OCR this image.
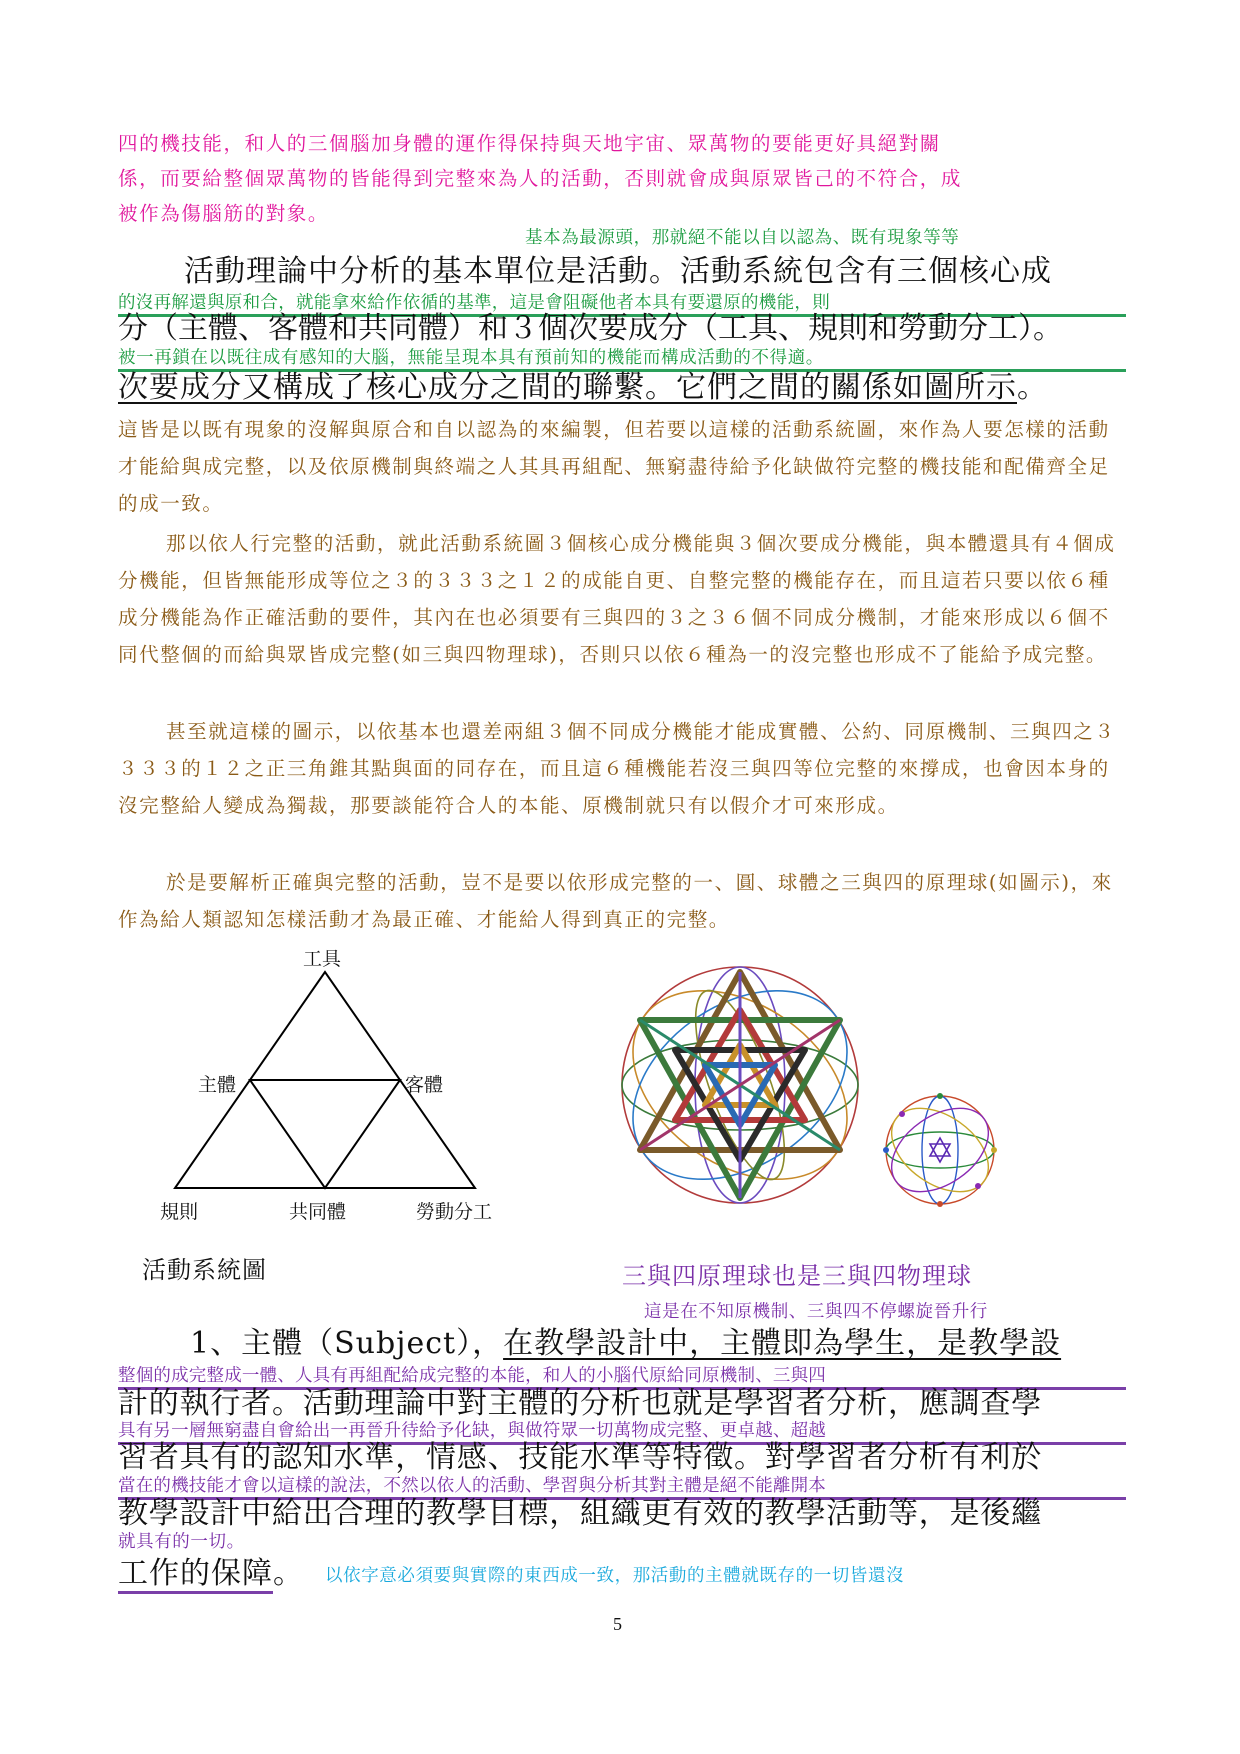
四的機技能，和人的三個腦加身體的運作得保持與天地宇宙、眾萬物的要能更好具絕對關
係，而要給整個眾萬物的皆能得到完整來為人的活動，否則就會成與原眾皆己的不符合，成
被作為傷腦筋的對象。
基本為最源頭，那就絕不能以自以認為、既有現象等等
活動理論中分析的基本單位是活動。活動系統包含有三個核心成
的沒再解還與原和合，就能拿來給作依循的基準，這是會阻礙他者本具有要還原的機能，則
分（主體、客體和共同體）和３個次要成分（工具、規則和勞動分工）。
被一再鎖在以既往成有感知的大腦，無能呈現本具有預前知的機能而構成活動的不得適。
次要成分又構成了核心成分之間的聯繫。它們之間的關係如圖所示。
這皆是以既有現象的沒解與原合和自以認為的來編製，但若要以這樣的活動系統圖，來作為人要怎樣的活動才能給與成完整，以及依原機制與終端之人其具再組配、無窮盡待給予化缺做符完整的機技能和配備齊全足的成一致。
那以依人行完整的活動，就此活動系統圖３個核心成分機能與３個次要成分機能，與本體還具有４個成分機能，但皆無能形成等位之３的３３３之１２的成能自更、自整完整的機能存在，而且這若只要以依６種成分機能為作正確活動的要件，其內在也必須要有三與四的３之３６個不同成分機制，才能來形成以６個不同代整個的而給與眾皆成完整(如三與四物理球)，否則只以依６種為一的沒完整也形成不了能給予成完整。
甚至就這樣的圖示，以依基本也還差兩組３個不同成分機能才能成實體、公約、同原機制、三與四之３３３３的１２之正三角錐其點與面的同存在，而且這６種機能若沒三與四等位完整的來撐成，也會因本身的沒完整給人變成為獨裁，那要談能符合人的本能、原機制就只有以假介才可來形成。
於是要解析正確與完整的活動，豈不是要以依形成完整的一、圓、球體之三與四的原理球(如圖示)，來作為給人類認知怎樣活動才為最正確、才能給人得到真正的完整。
工具
主體	客體
規則	共同體	勞動分工
活動系統圖	三與四原理球也是三與四物理球
這是在不知原機制、三與四不停螺旋晉升行
1、主體（Subject），在教學設計中，主體即為學生，是教學設
整個的成完整成一體、人具有再組配給成完整的本能，和人的小腦代原給同原機制、三與四
計的執行者。活動理論中對主體的分析也就是學習者分析，應調查學
具有另一層無窮盡自會給出一再晉升待給予化缺，與做符眾一切萬物成完整、更卓越、超越
習者具有的認知水準，情感、技能水準等特徵。對學習者分析有利於
當在的機技能才會以這樣的說法，不然以依人的活動、學習與分析其對主體是絕不能離開本
教學設計中給出合理的教學目標，組織更有效的教學活動等，是後繼
就具有的一切。
工作的保障。 以依字意必須要與實際的東西成一致，那活動的主體就既存的一切皆還沒
5
